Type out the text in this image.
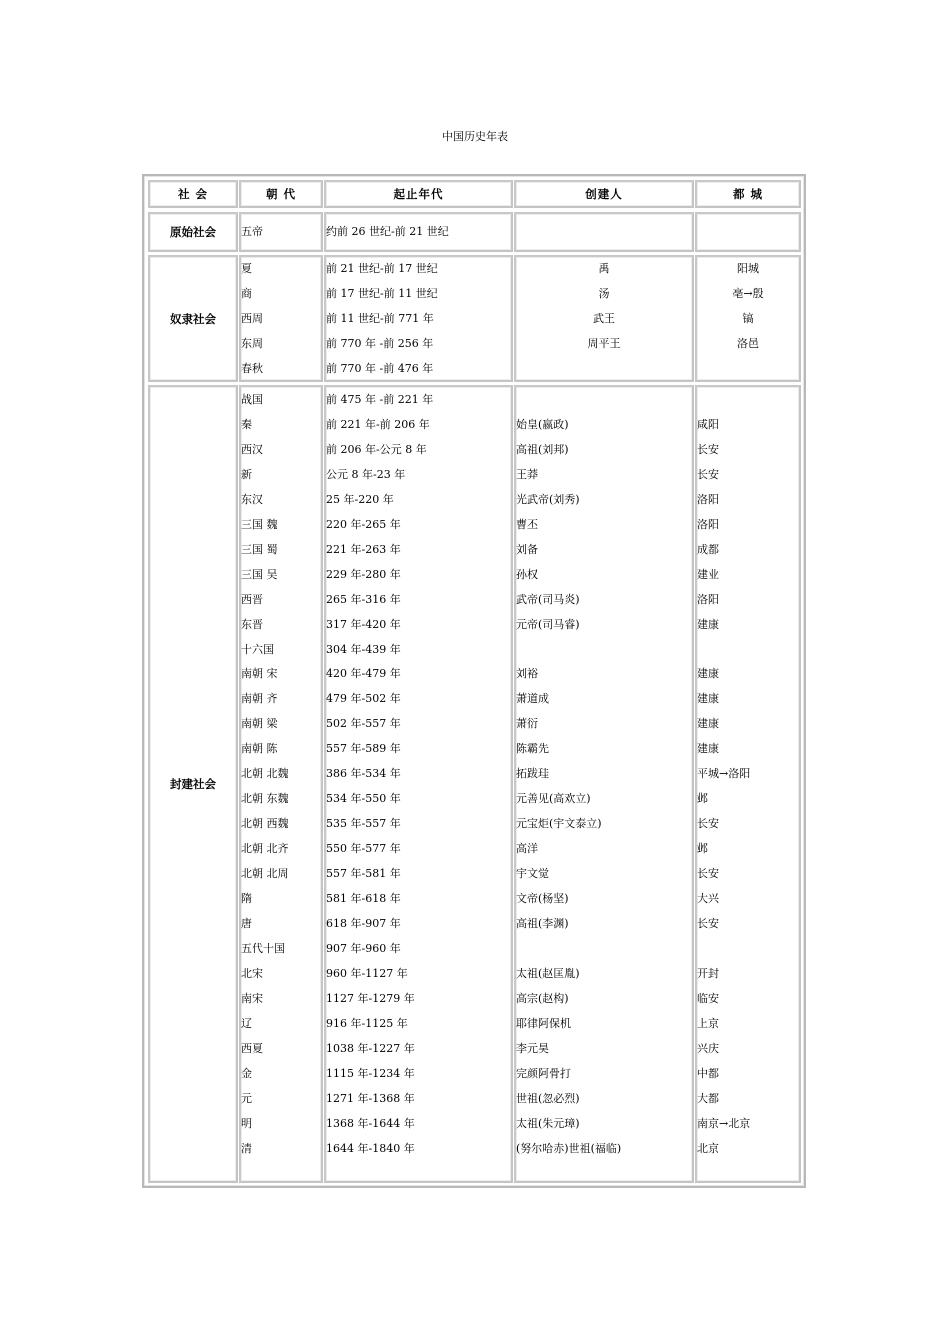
中国历史年表
社 会	朝 代	起止年代	创建人	都 城
原始社会	五帝	约前 26 世纪-前 21 世纪
奴隶社会
夏	前 21 世纪-前 17 世纪	禹	阳城
商	前 17 世纪-前 11 世纪	汤	亳→殷
西周	前 11 世纪-前 771 年	武王	镐
东周	前 770 年 -前 256 年	周平王	洛邑
春秋	前 770 年 -前 476 年
封建社会
战国	前 475 年 -前 221 年
秦	前 221 年-前 206 年	始皇(嬴政)	咸阳
西汉	前 206 年-公元 8 年	高祖(刘邦)	长安
新	公元 8 年-23 年	王莽	长安
东汉	25 年-220 年	光武帝(刘秀)	洛阳
三国 魏	220 年-265 年	曹丕	洛阳
三国 蜀	221 年-263 年	刘备	成都
三国 吴	229 年-280 年	孙权	建业
西晋	265 年-316 年	武帝(司马炎)	洛阳
东晋	317 年-420 年	元帝(司马睿)	建康
十六国	304 年-439 年
南朝 宋	420 年-479 年	刘裕	建康
南朝 齐	479 年-502 年	萧道成	建康
南朝 梁	502 年-557 年	萧衍	建康
南朝 陈	557 年-589 年	陈霸先	建康
北朝 北魏	386 年-534 年	拓跋珪	平城→洛阳
北朝 东魏	534 年-550 年	元善见(高欢立)	邺
北朝 西魏	535 年-557 年	元宝炬(宇文泰立)	长安
北朝 北齐	550 年-577 年	高洋	邺
北朝 北周	557 年-581 年	宇文觉	长安
隋	581 年-618 年	文帝(杨坚)	大兴
唐	618 年-907 年	高祖(李渊)	长安
五代十国	907 年-960 年
北宋	960 年-1127 年	太祖(赵匡胤)	开封
南宋	1127 年-1279 年	高宗(赵构)	临安
辽	916 年-1125 年	耶律阿保机	上京
西夏	1038 年-1227 年	李元昊	兴庆
金	1115 年-1234 年	完颜阿骨打	中都
元	1271 年-1368 年	世祖(忽必烈)	大都
明	1368 年-1644 年	太祖(朱元璋)	南京→北京
清	1644 年-1840 年	(努尔哈赤)世祖(福临)	北京
